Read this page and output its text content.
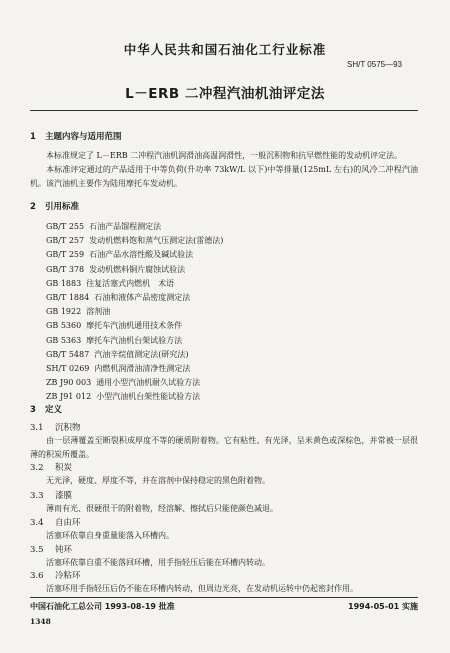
中华人民共和国石油化工行业标准
SH/T 0575—93
L－ERB 二冲程汽油机油评定法
1 主题内容与适用范围
本标准规定了 L－ERB 二冲程汽油机润滑油高温润滑性，一般沉积物和抗早燃性能的发动机评定法。
本标准评定通过的产品适用于中等负荷(升功率 73kW/L 以下)中等排量(125mL 左右)的风冷二冲程汽油机。该汽油机主要作为陆用摩托车发动机。
2 引用标准
GB/T 255 石油产品馏程测定法
GB/T 257 发动机燃料饱和蒸气压测定法(雷德法)
GB/T 259 石油产品水溶性酸及碱试验法
GB/T 378 发动机燃料铜片腐蚀试验法
GB 1883 往复活塞式内燃机　术语
GB/T 1884 石油和液体产品密度测定法
GB 1922 溶剂油
GB 5360 摩托车汽油机通用技术条件
GB 5363 摩托车汽油机台架试验方法
GB/T 5487 汽油辛烷值测定法(研究法)
SH/T 0269 内燃机润滑油清净性测定法
ZB J90 003 通用小型汽油机耐久试验方法
ZB J91 012 小型汽油机台架性能试验方法
3 定义
3.1 沉积物
由一层薄覆盖至断裂积成厚度不等的硬质附着物。它有粘性、有光泽，呈米黄色或深棕色，并常被一层很薄的积炭所覆盖。
3.2 积炭
无光泽，硬度、厚度不等，并在溶剂中保持稳定的黑色附着物。
3.3 漆膜
薄而有光、很硬很干的附着物，经溶解、擦拭后只能使颜色减退。
3.4 自由环
活塞环依靠自身重量能落入环槽内。
3.5 钝环
活塞环依靠自重不能落回环槽，用手指轻压后能在环槽内转动。
3.6 冷粘环
活塞环用手指轻压后仍不能在环槽内转动，但周边光亮，在发动机运转中仍起密封作用。
中国石油化工总公司 1993-08-19 批准	1994-05-01 实施
1348
